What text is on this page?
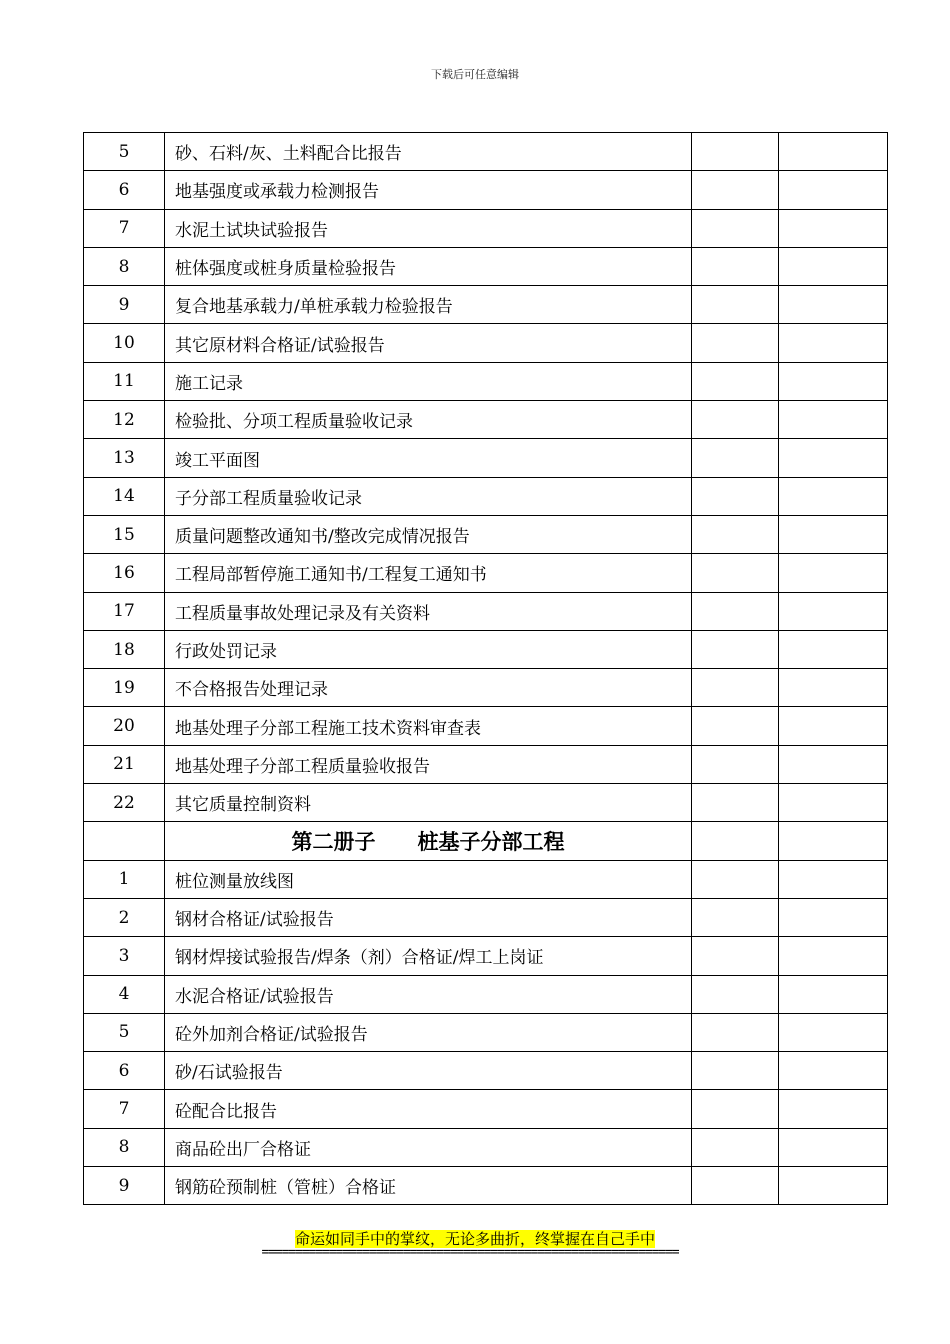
下载后可任意编辑
5	砂、石料/灰、土料配合比报告		
6	地基强度或承载力检测报告		
7	水泥土试块试验报告		
8	桩体强度或桩身质量检验报告		
9	复合地基承载力/单桩承载力检验报告		
10	其它原材料合格证/试验报告		
11	施工记录		
12	检验批、分项工程质量验收记录		
13	竣工平面图		
14	子分部工程质量验收记录		
15	质量问题整改通知书/整改完成情况报告		
16	工程局部暂停施工通知书/工程复工通知书		
17	工程质量事故处理记录及有关资料		
18	行政处罚记录		
19	不合格报告处理记录		
20	地基处理子分部工程施工技术资料审查表		
21	地基处理子分部工程质量验收报告		
22	其它质量控制资料		
	第二册子　　桩基子分部工程		
1	桩位测量放线图		
2	钢材合格证/试验报告		
3	钢材焊接试验报告/焊条（剂）合格证/焊工上岗证		
4	水泥合格证/试验报告		
5	砼外加剂合格证/试验报告		
6	砂/石试验报告		
7	砼配合比报告		
8	商品砼出厂合格证		
9	钢筋砼预制桩（管桩）合格证		
命运如同手中的掌纹，无论多曲折，终掌握在自己手中
==============================================================
